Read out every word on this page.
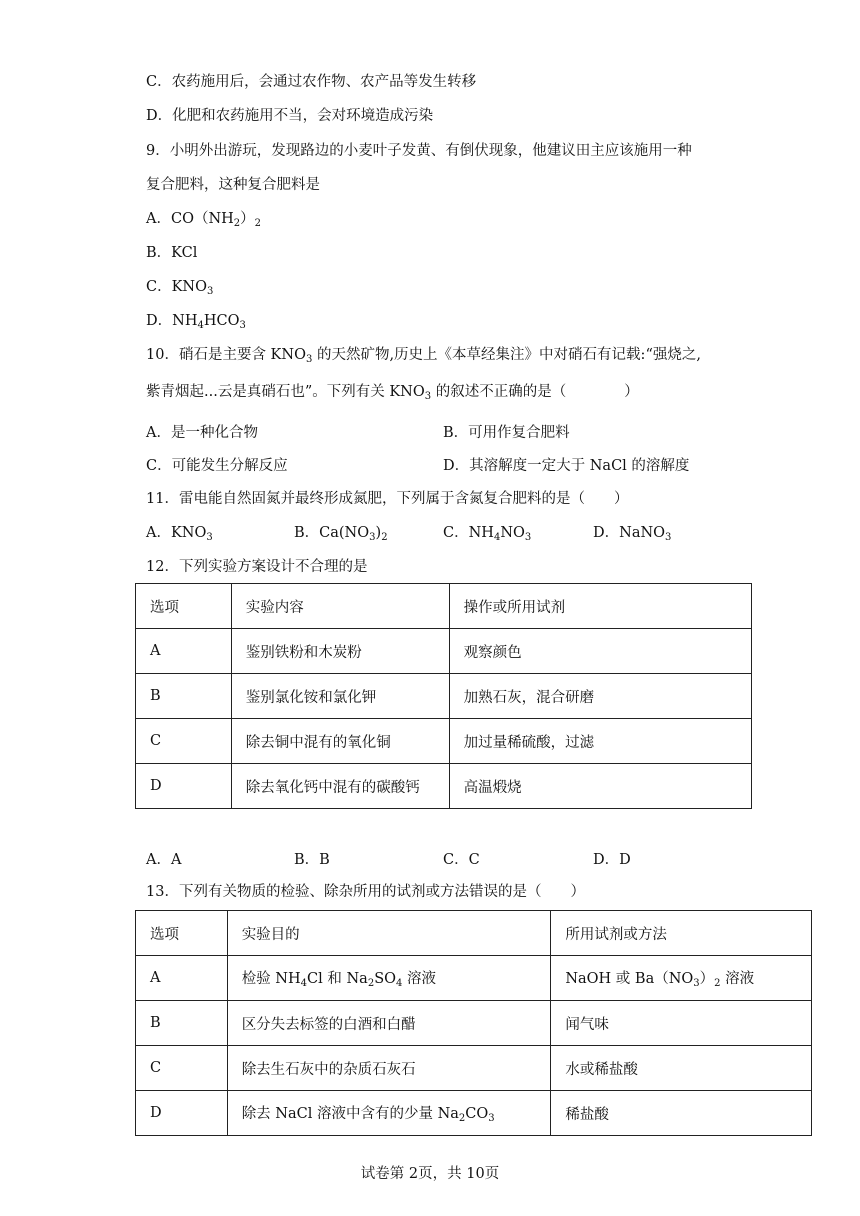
C．农药施用后，会通过农作物、农产品等发生转移
D．化肥和农药施用不当，会对环境造成污染
9．小明外出游玩，发现路边的小麦叶子发黄、有倒伏现象，他建议田主应该施用一种
复合肥料，这种复合肥料是
A．$CO(NH_2)_2$
B．KCl
C．$KNO_3$
D．$NH_4HCO_3$
10．硝石是主要含 $KNO_3$ 的天然矿物,历史上《本草经集注》中对硝石有记载:“强烧之,
紫青烟起...云是真硝石也”。下列有关 $KNO_3$ 的叙述不正确的是（　　　　）
A．是一种化合物	B．可用作复合肥料
C．可能发生分解反应	D．其溶解度一定大于 NaCl 的溶解度
11．雷电能自然固氮并最终形成氮肥，下列属于含氮复合肥料的是（　　）
A．$KNO_3$	B．$Ca(NO_3)_2$	C．$NH_4NO_3$	D．NaNO$_3$
12．下列实验方案设计不合理的是
选项	实验内容	操作或所用试剂
A	鉴别铁粉和木炭粉	观察颜色
B	鉴别氯化铵和氯化钾	加熟石灰，混合研磨
C	除去铜中混有的氧化铜	加过量稀硫酸，过滤
D	除去氧化钙中混有的碳酸钙	高温煅烧
A．A	B．B	C．C	D．D
13．下列有关物质的检验、除杂所用的试剂或方法错误的是（　　）
选项	实验目的	所用试剂或方法
A	检验 $NH_4Cl$ 和 $Na_2SO_4$ 溶液	NaOH 或 $Ba(NO_3)_2$ 溶液
B	区分失去标签的白酒和白醋	闻气味
C	除去生石灰中的杂质石灰石	水或稀盐酸
D	除去 NaCl 溶液中含有的少量 $Na_2CO_3$	稀盐酸
试卷第 2页，共 10页
